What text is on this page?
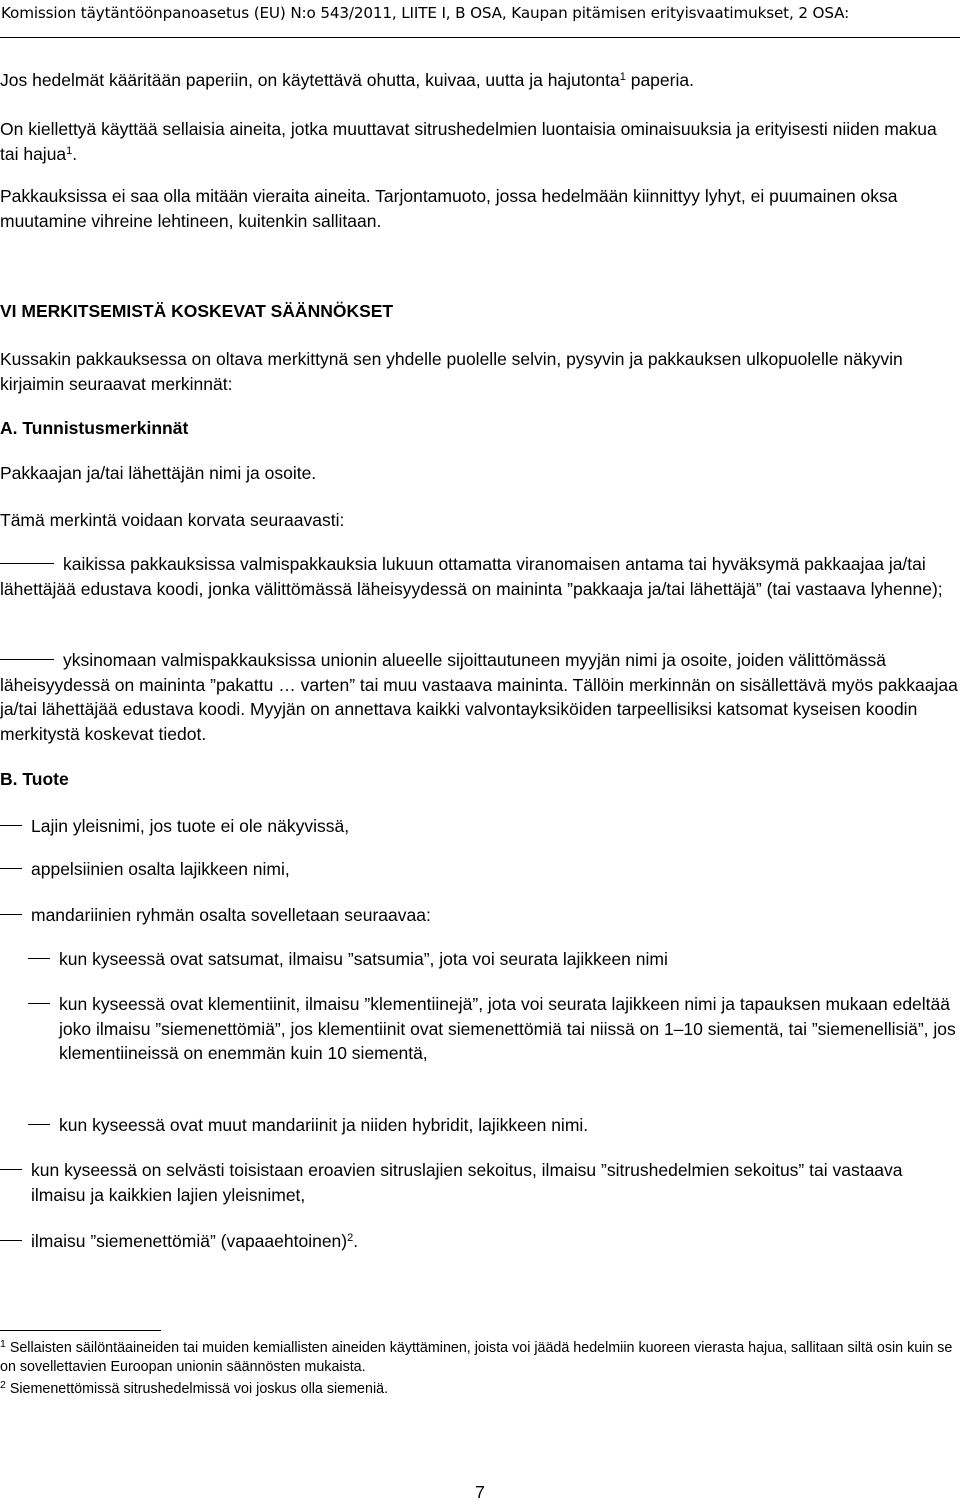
Komission täytäntöönpanoasetus (EU) N:o 543/2011, LIITE I, B OSA, Kaupan pitämisen erityisvaatimukset, 2 OSA:
Jos hedelmät kääritään paperiin, on käytettävä ohutta, kuivaa, uutta ja hajutonta$^1$ paperia.
On kiellettyä käyttää sellaisia aineita, jotka muuttavat sitrushedelmien luontaisia ominaisuuksia ja erityisesti niiden makua tai hajua$^1$.
Pakkauksissa ei saa olla mitään vieraita aineita. Tarjontamuoto, jossa hedelmään kiinnittyy lyhyt, ei puumainen oksa muutamine vihreine lehtineen, kuitenkin sallitaan.
VI MERKITSEMISTÄ KOSKEVAT SÄÄNNÖKSET
Kussakin pakkauksessa on oltava merkittynä sen yhdelle puolelle selvin, pysyvin ja pakkauksen ulkopuolelle näkyvin kirjaimin seuraavat merkinnät:
A. Tunnistusmerkinnät
Pakkaajan ja/tai lähettäjän nimi ja osoite.
Tämä merkintä voidaan korvata seuraavasti:
kaikissa pakkauksissa valmispakkauksia lukuun ottamatta viranomaisen antama tai hyväksymä pakkaajaa ja/tai lähettäjää edustava koodi, jonka välittömässä läheisyydessä on maininta ”pakkaaja ja/tai lähettäjä” (tai vastaava lyhenne);
yksinomaan valmispakkauksissa unionin alueelle sijoittautuneen myyjän nimi ja osoite, joiden välittömässä läheisyydessä on maininta ”pakattu … varten” tai muu vastaava maininta. Tällöin merkinnän on sisällettävä myös pakkaajaa ja/tai lähettäjää edustava koodi. Myyjän on annettava kaikki valvontayksiköiden tarpeellisiksi katsomat kyseisen koodin merkitystä koskevat tiedot.
B. Tuote
Lajin yleisnimi, jos tuote ei ole näkyvissä,
appelsiinien osalta lajikkeen nimi,
mandariinien ryhmän osalta sovelletaan seuraavaa:
kun kyseessä ovat satsumat, ilmaisu ”satsumia”, jota voi seurata lajikkeen nimi
kun kyseessä ovat klementiinit, ilmaisu ”klementiinejä”, jota voi seurata lajikkeen nimi ja tapauksen mukaan edeltää joko ilmaisu ”siemenettömiä”, jos klementiinit ovat siemenettömiä tai niissä on 1–10 siementä, tai ”siemenellisiä”, jos klementiineissä on enemmän kuin 10 siementä,
kun kyseessä ovat muut mandariinit ja niiden hybridit, lajikkeen nimi.
kun kyseessä on selvästi toisistaan eroavien sitruslajien sekoitus, ilmaisu ”sitrushedelmien sekoitus” tai vastaava ilmaisu ja kaikkien lajien yleisnimet,
ilmaisu ”siemenettömiä” (vapaaehtoinen)$^2$.
$^1$ Sellaisten säilöntäaineiden tai muiden kemiallisten aineiden käyttäminen, joista voi jäädä hedelmiin kuoreen vierasta hajua, sallitaan siltä osin kuin se on sovellettavien Euroopan unionin säännösten mukaista.
$^2$ Siemenettömissä sitrushedelmissä voi joskus olla siemeniä.
7
